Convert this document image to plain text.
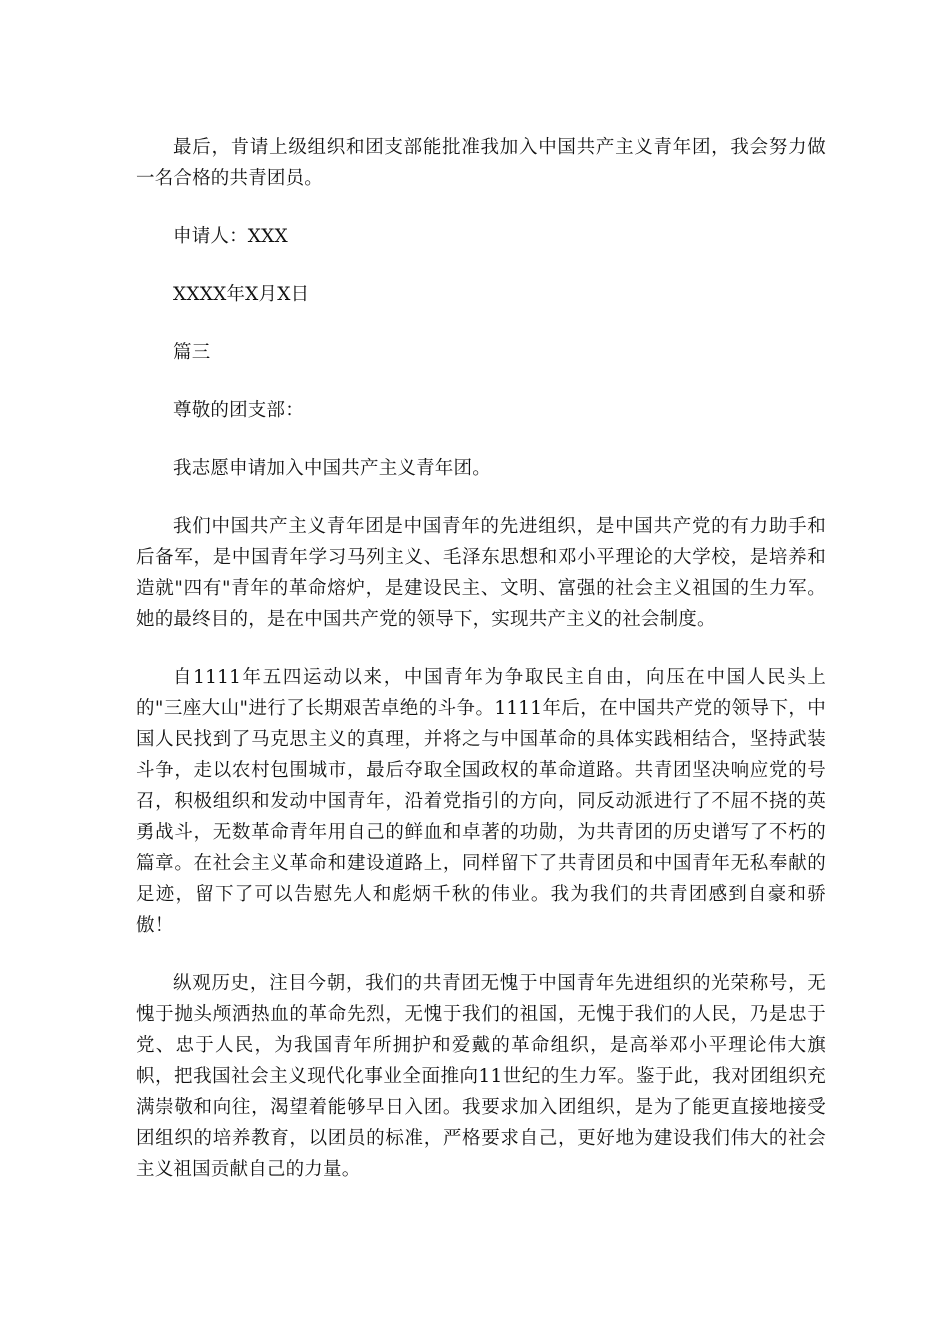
最后，肯请上级组织和团支部能批准我加入中国共产主义青年团，我会努力做一名合格的共青团员。

申请人：XXX

XXXX年X月X日

篇三

尊敬的团支部：

我志愿申请加入中国共产主义青年团。

我们中国共产主义青年团是中国青年的先进组织，是中国共产党的有力助手和后备军，是中国青年学习马列主义、毛泽东思想和邓小平理论的大学校，是培养和造就"四有"青年的革命熔炉，是建设民主、文明、富强的社会主义祖国的生力军。她的最终目的，是在中国共产党的领导下，实现共产主义的社会制度。

自1111年五四运动以来，中国青年为争取民主自由，向压在中国人民头上的"三座大山"进行了长期艰苦卓绝的斗争。1111年后，在中国共产党的领导下，中国人民找到了马克思主义的真理，并将之与中国革命的具体实践相结合，坚持武装斗争，走以农村包围城市，最后夺取全国政权的革命道路。共青团坚决响应党的号召，积极组织和发动中国青年，沿着党指引的方向，同反动派进行了不屈不挠的英勇战斗，无数革命青年用自己的鲜血和卓著的功勋，为共青团的历史谱写了不朽的篇章。在社会主义革命和建设道路上，同样留下了共青团员和中国青年无私奉献的足迹，留下了可以告慰先人和彪炳千秋的伟业。我为我们的共青团感到自豪和骄傲！

纵观历史，注目今朝，我们的共青团无愧于中国青年先进组织的光荣称号，无愧于抛头颅洒热血的革命先烈，无愧于我们的祖国，无愧于我们的人民，乃是忠于党、忠于人民，为我国青年所拥护和爱戴的革命组织，是高举邓小平理论伟大旗帜，把我国社会主义现代化事业全面推向11世纪的生力军。鉴于此，我对团组织充满崇敬和向往，渴望着能够早日入团。我要求加入团组织，是为了能更直接地接受团组织的培养教育，以团员的标准，严格要求自己，更好地为建设我们伟大的社会主义祖国贡献自己的力量。
